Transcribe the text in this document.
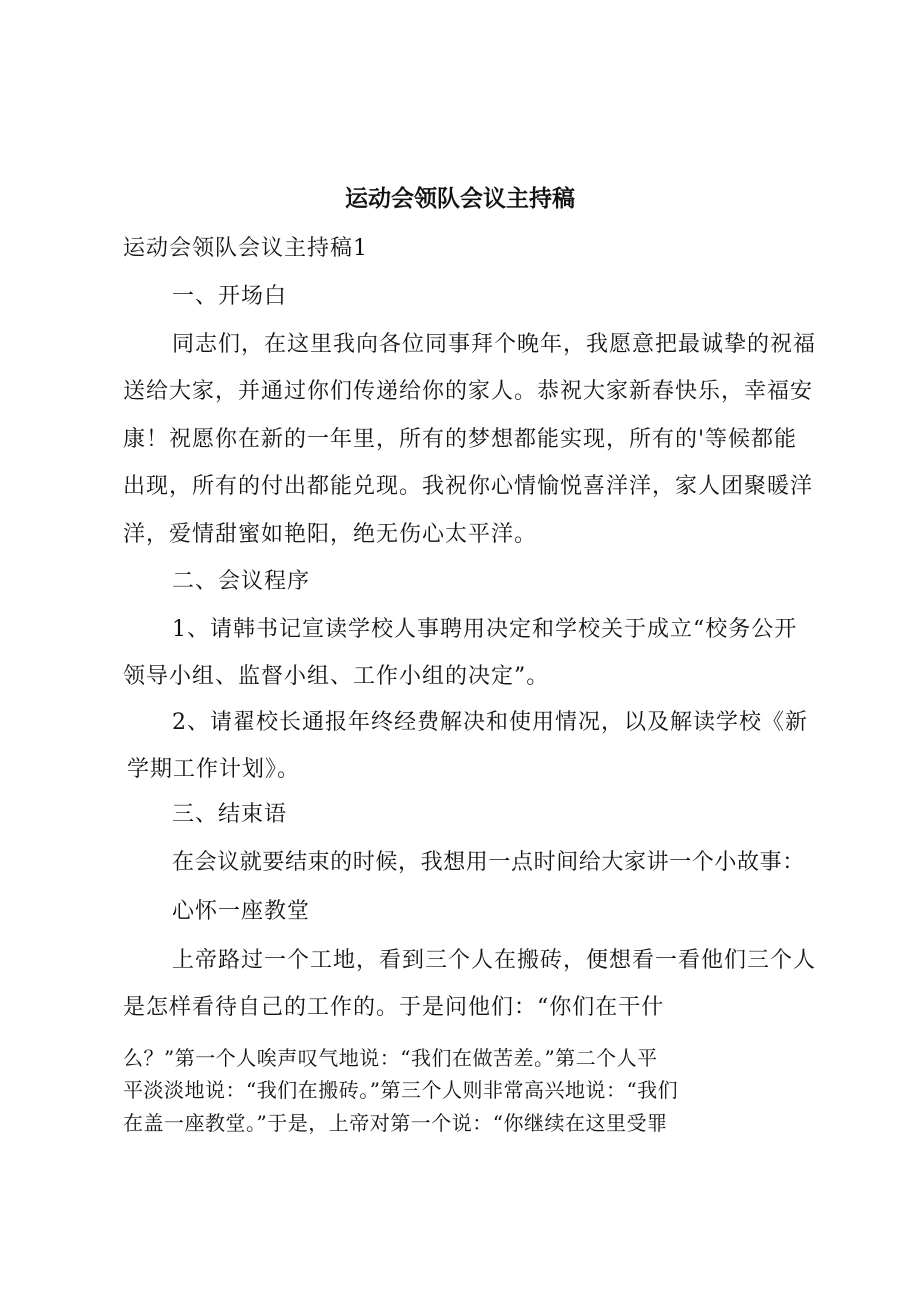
运动会领队会议主持稿
运动会领队会议主持稿1
一、开场白
同志们，在这里我向各位同事拜个晚年，我愿意把最诚挚的祝福
送给大家，并通过你们传递给你的家人。恭祝大家新春快乐，幸福安
康！祝愿你在新的一年里，所有的梦想都能实现，所有的'等候都能
出现，所有的付出都能兑现。我祝你心情愉悦喜洋洋，家人团聚暖洋
洋，爱情甜蜜如艳阳，绝无伤心太平洋。
二、会议程序
1、请韩书记宣读学校人事聘用决定和学校关于成立“校务公开
领导小组、监督小组、工作小组的决定”。
2、请翟校长通报年终经费解决和使用情况，以及解读学校《新
学期工作计划》。
三、结束语
在会议就要结束的时候，我想用一点时间给大家讲一个小故事：
心怀一座教堂
上帝路过一个工地，看到三个人在搬砖，便想看一看他们三个人
是怎样看待自己的工作的。于是问他们：“你们在干什
么？”第一个人唉声叹气地说：“我们在做苦差。”第二个人平
平淡淡地说：“我们在搬砖。”第三个人则非常高兴地说：“我们
在盖一座教堂。”于是，上帝对第一个说：“你继续在这里受罪
